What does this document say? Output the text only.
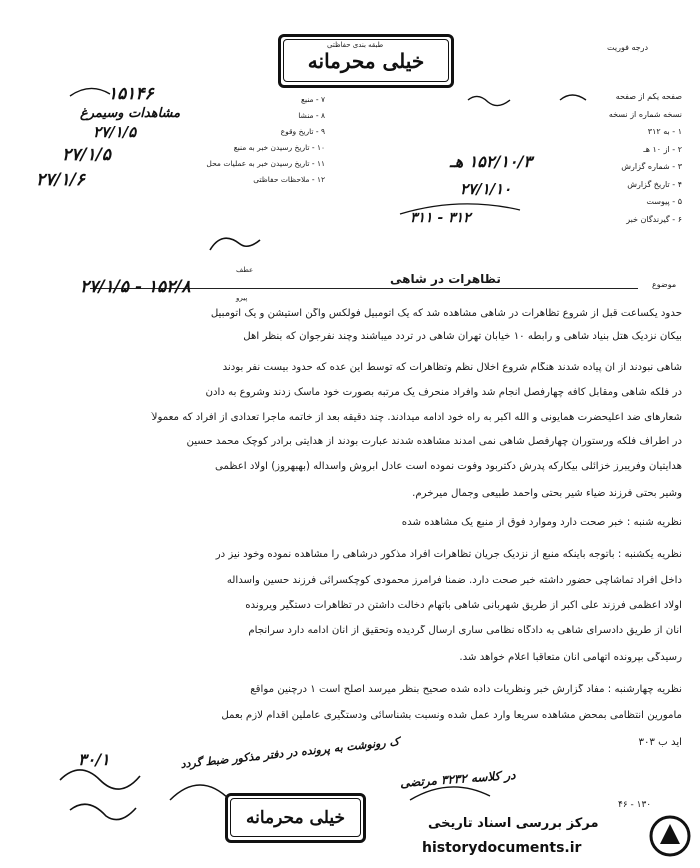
درجه فوریت
طبقه بندی حفاظتی
خیلی محرمانه
صفحه یکم از صفحه
نسخه شماره از نسخه
۱ - به ۳۱۲
۲ - از ۱۰ هـ
۳ - شماره گزارش
۴ - تاریخ گزارش
۵ - پیوست
۶ - گیرندگان خبر
۷ - منبع
۸ - منشا
۹ - تاریخ وقوع
۱۰ - تاریخ رسیدن خبر به منبع
۱۱ - تاریخ رسیدن خبر به عملیات محل
۱۲ - ملاحظات حفاظتی
۱۵۱۴۶
مشاهدات وسیمرغ
۲۷/۱/۵
۲۷/۱/۵
۲۷/۱/۶
۱۵۲/۱۰/۳ هـ
۲۷/۱/۱۰
۳۱۱ - ۳۱۲
موضوع
تظاهرات در شاهی
عطف
پیرو
۲۷/۱/۵ - ۱۵۲/۸
حدود یکساعت قبل از شروع تظاهرات در شاهی مشاهده شد که یک اتومبیل فولکس واگن استیشن و یک اتومبیل
بیکان نزدیک هتل بنیاد شاهی و رابطه ۱۰ خیابان تهران شاهی در تردد میباشند وچند نفرجوان که بنظر اهل
شاهی نبودند از آن پیاده شدند هنگام شروع اخلال نظم وتظاهرات که توسط این عده که حدود بیست نفر بودند
در فلکه شاهی ومقابل کافه چهارفصل انجام شد وافراد منحرف یک مرتبه بصورت خود ماسک زدند وشروع به دادن
شعارهای ضد اعلیحضرت همایونی و الله اکبر به راه خود ادامه میدادند. چند دقیقه بعد از خاتمه ماجرا تعدادی از افراد که معمولاً
در اطراف فلکه ورستوران چهارفصل شاهی نمی آمدند مشاهده شدند عبارت بودند از هدایتی برادر کوچک محمد حسین
هدایتیان وفریبرز خزائلی بیکارکه پدرش دکتربود وفوت نموده است عادل آبروش واسداله (بهبهروز) اولاد اعظمی
وشیر بحتی فرزند ضیاء شیر بحتی واحمد طبیعی وجمال میرخرم.
نظریه شنبه : خبر صحت دارد وموارد فوق از منبع یک مشاهده شده
نظریه یکشنبه : باتوجه باینکه منبع از نزدیک جریان تظاهرات افراد مذکور درشاهی را مشاهده نموده وخود نیز در
داخل افراد تماشاچی حضور داشته خبر صحت دارد. ضمناً فرامرز محمودی کوچکسرائی فرزند حسین واسداله
اولاد اعظمی فرزند علی اکبر از طریق شهربانی شاهی باتهام دخالت داشتن در تظاهرات دستگیر ویرونده
آنان از طریق دادسرای شاهی به دادگاه نظامی ساری ارسال گردیده وتحقیق از آنان ادامه دارد سرانجام
رسیدگی بپرونده اتهامی آنان متعاقباً اعلام خواهد شد.
نظریه چهارشنبه : مفاد گزارش خبر ونظریات داده شده صحیح بنظر میرسد اصلح است ۱ درچنین مواقع
مأمورین انتظامی بمحض مشاهده سریعاً وارد عمل شده ونسبت بشناسائی ودستگیری عاملین اقدام لازم بعمل
آید ب ۳۰۳
ک رونوشت به پرونده در دفتر مذکور ضبط گردد
در کلاسه ۳۲۳۲ مرتضی
۳۰/۱
خیلی محرمانه
۴۶ - ۱۳۰
مرکز بررسی اسناد تاریخی
historydocuments.ir
